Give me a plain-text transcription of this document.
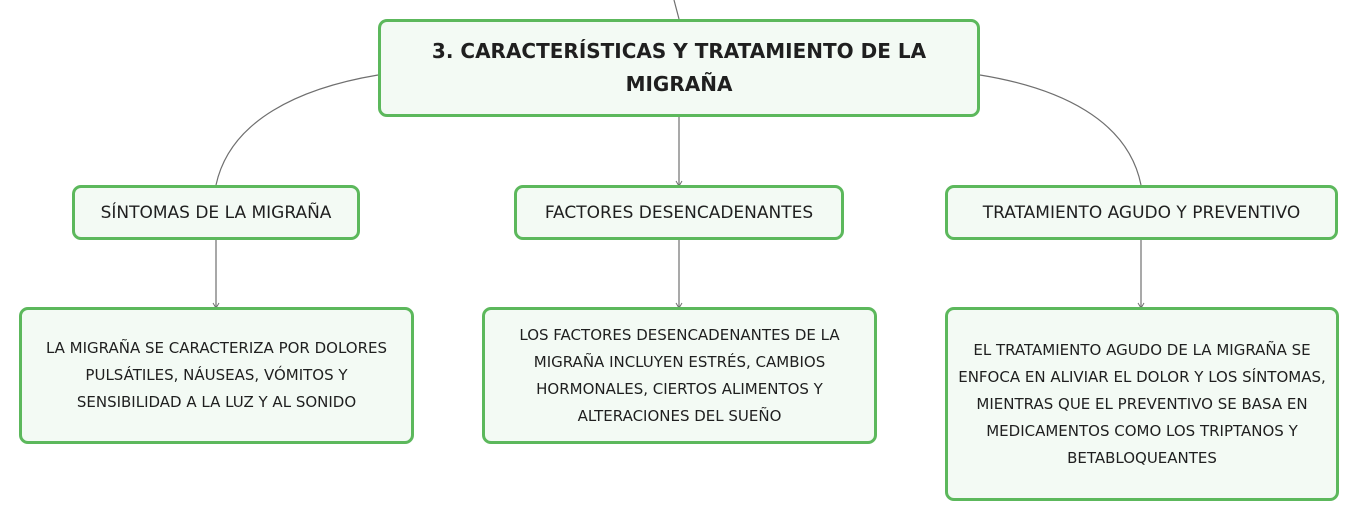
3. CARACTERÍSTICAS Y TRATAMIENTO DE LA MIGRAÑA
SÍNTOMAS DE LA MIGRAÑA	FACTORES DESENCADENANTES	TRATAMIENTO AGUDO Y PREVENTIVO
LA MIGRAÑA SE CARACTERIZA POR DOLORES PULSÁTILES, NÁUSEAS, VÓMITOS Y SENSIBILIDAD A LA LUZ Y AL SONIDO
LOS FACTORES DESENCADENANTES DE LA MIGRAÑA INCLUYEN ESTRÉS, CAMBIOS HORMONALES, CIERTOS ALIMENTOS Y ALTERACIONES DEL SUEÑO
EL TRATAMIENTO AGUDO DE LA MIGRAÑA SE ENFOCA EN ALIVIAR EL DOLOR Y LOS SÍNTOMAS, MIENTRAS QUE EL PREVENTIVO SE BASA EN MEDICAMENTOS COMO LOS TRIPTANOS Y BETABLOQUEANTES
